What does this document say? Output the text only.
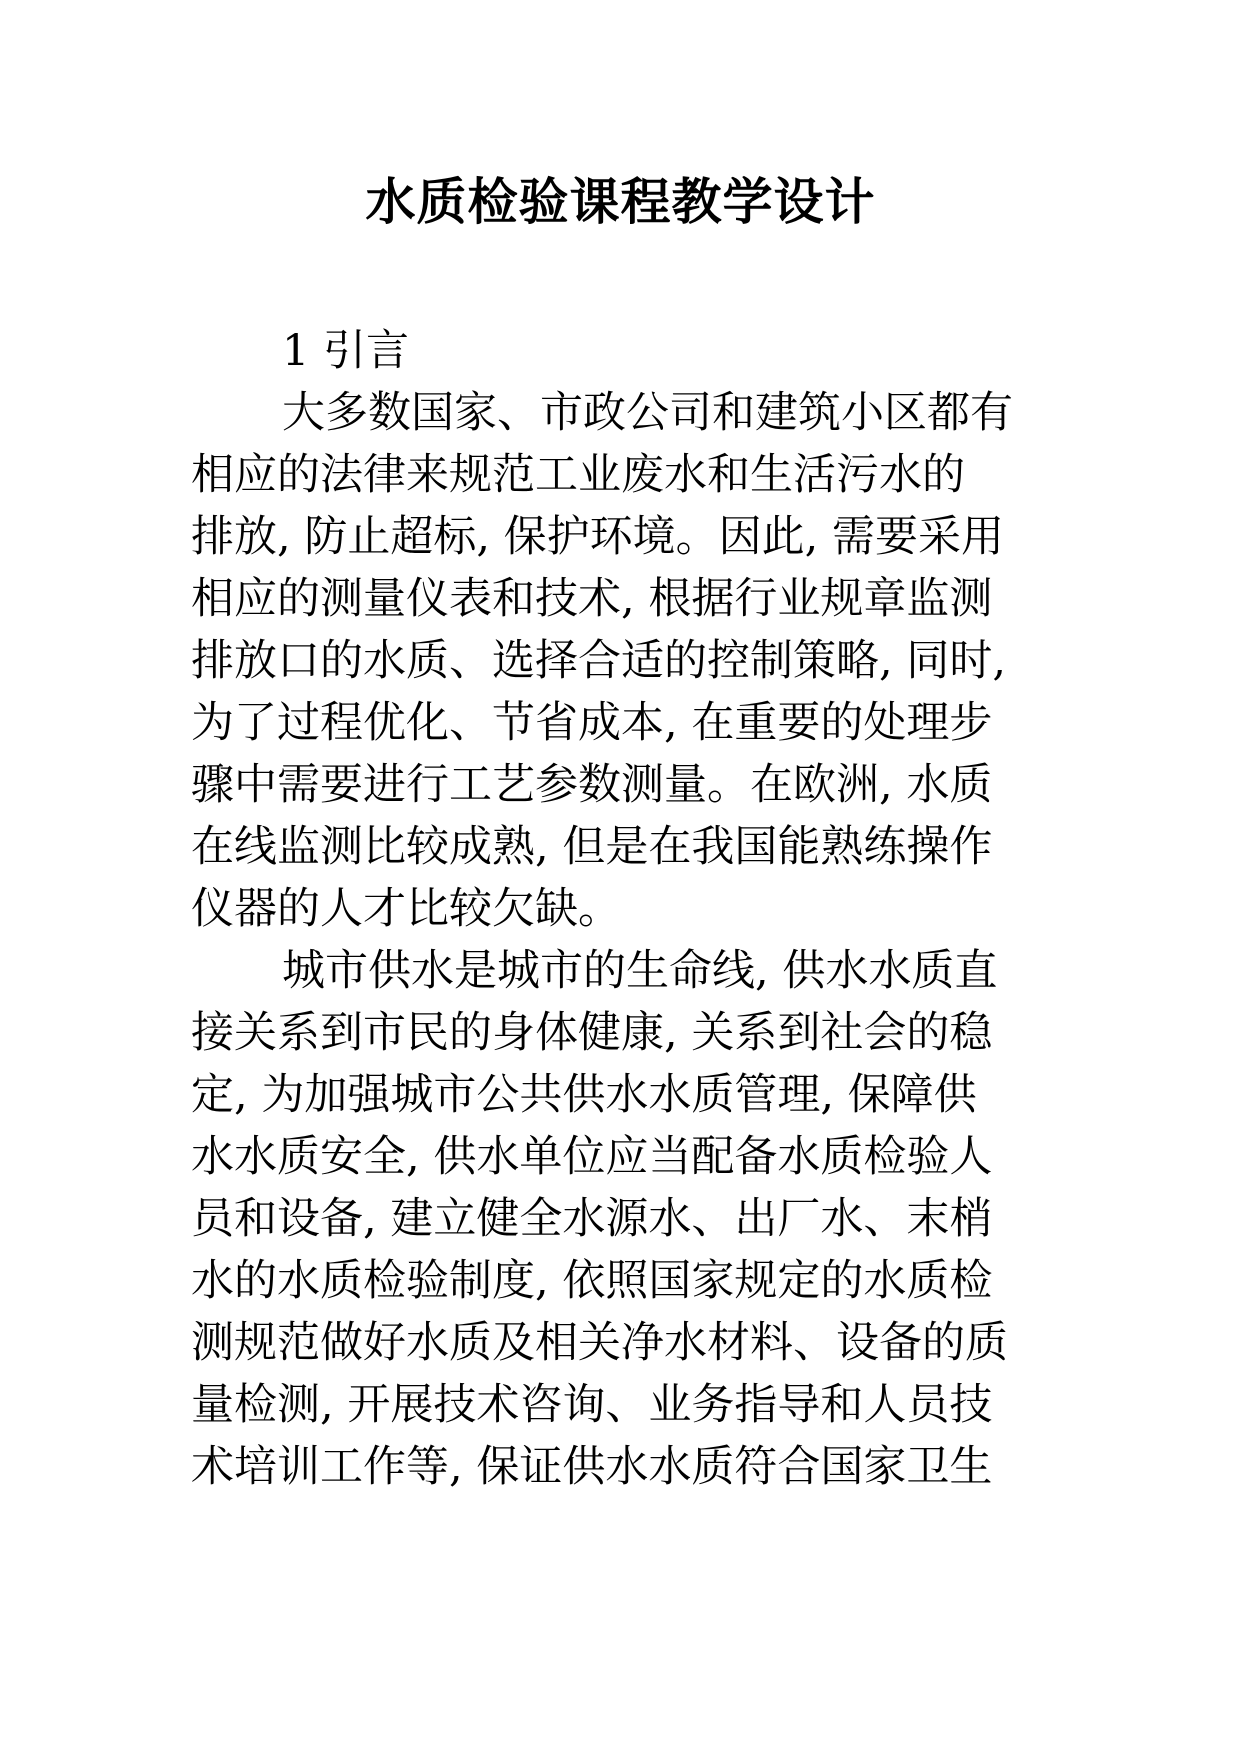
水质检验课程教学设计

1 引言

大多数国家、市政公司和建筑小区都有

相应的法律来规范工业废水和生活污水的

排放, 防止超标, 保护环境。因此, 需要采用

相应的测量仪表和技术, 根据行业规章监测

排放口的水质、选择合适的控制策略, 同时,

为了过程优化、节省成本, 在重要的处理步

骤中需要进行工艺参数测量。在欧洲, 水质

在线监测比较成熟, 但是在我国能熟练操作

仪器的人才比较欠缺。

城市供水是城市的生命线, 供水水质直

接关系到市民的身体健康, 关系到社会的稳

定, 为加强城市公共供水水质管理, 保障供

水水质安全, 供水单位应当配备水质检验人

员和设备, 建立健全水源水、出厂水、末梢

水的水质检验制度, 依照国家规定的水质检

测规范做好水质及相关净水材料、设备的质

量检测, 开展技术咨询、业务指导和人员技

术培训工作等, 保证供水水质符合国家卫生
